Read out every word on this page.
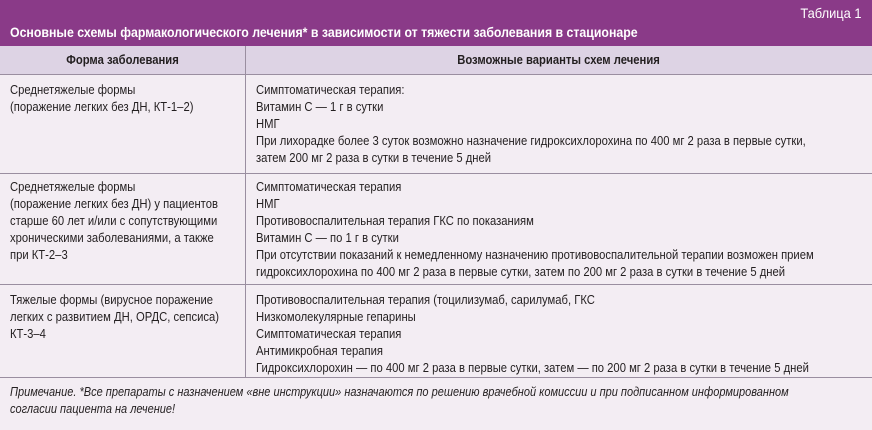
Таблица 1
Основные схемы фармакологического лечения* в зависимости от тяжести заболевания в стационаре
Форма заболевания	Возможные варианты схем лечения
Среднетяжелые формы
(поражение легких без ДН, КТ-1–2)
Симптоматическая терапия:
Витамин С — 1 г в сутки
НМГ
При лихорадке более 3 суток возможно назначение гидроксихлорохина по 400 мг 2 раза в первые сутки,
затем 200 мг 2 раза в сутки в течение 5 дней
Среднетяжелые формы
(поражение легких без ДН) у пациентов
старше 60 лет и/или с сопутствующими
хроническими заболеваниями, а также
при КТ-2–3
Симптоматическая терапия
НМГ
Противовоспалительная терапия ГКС по показаниям
Витамин С — по 1 г в сутки
При отсутствии показаний к немедленному назначению противовоспалительной терапии возможен прием
гидроксихлорохина по 400 мг 2 раза в первые сутки, затем по 200 мг 2 раза в сутки в течение 5 дней
Тяжелые формы (вирусное поражение
легких с развитием ДН, ОРДС, сепсиса)
КТ-3–4
Противовоспалительная терапия (тоцилизумаб, сарилумаб, ГКС
Низкомолекулярные гепарины
Симптоматическая терапия
Антимикробная терапия
Гидроксихлорохин — по 400 мг 2 раза в первые сутки, затем — по 200 мг 2 раза в сутки в течение 5 дней
Примечание. *Все препараты с назначением «вне инструкции» назначаются по решению врачебной комиссии и при подписанном информированном
согласии пациента на лечение!
